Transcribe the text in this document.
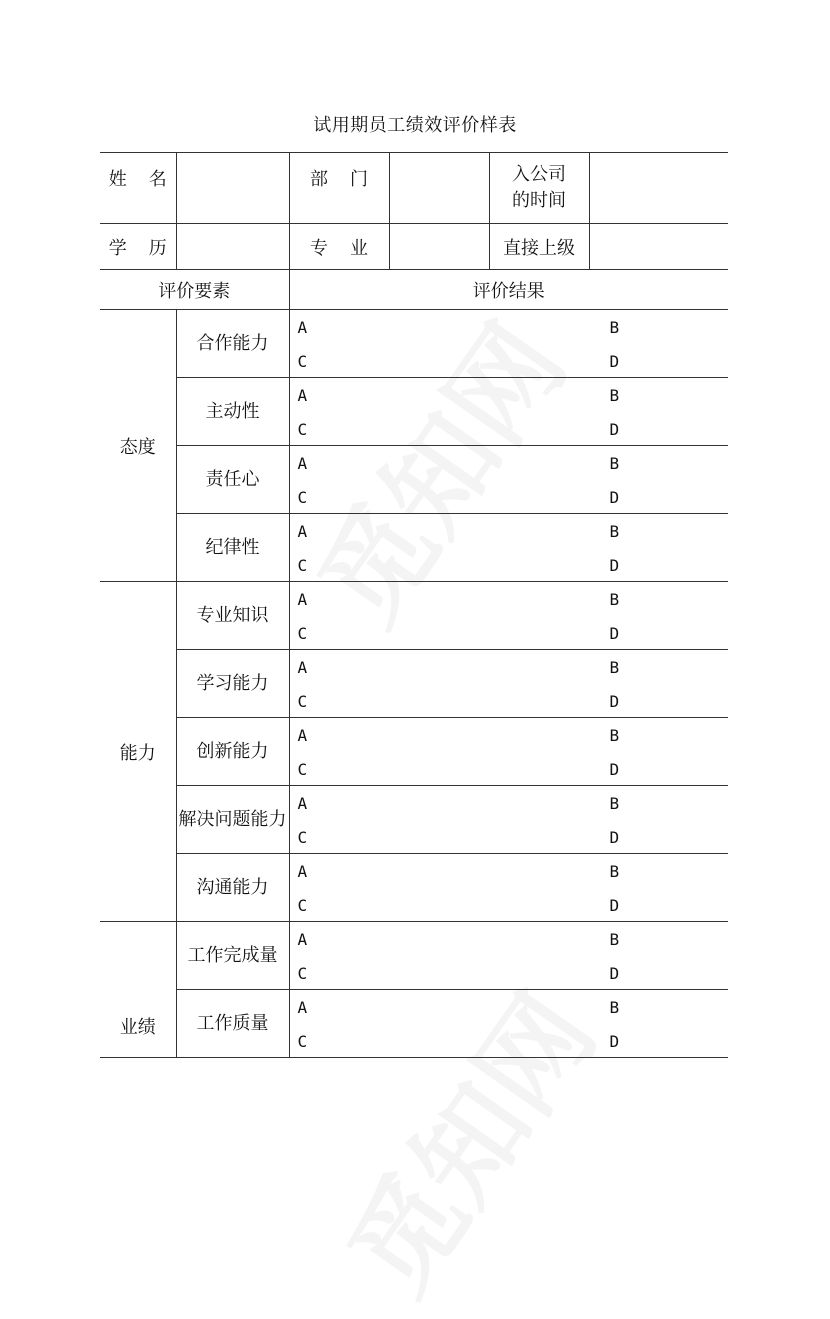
试用期员工绩效评价样表
姓 名		部 门		入公司的时间	
学 历		专 业		直接上级	
评价要素		评价结果			
态度	合作能力	A B
C D			

	主动性	A B
C D			

	责任心	A B
C D			

	纪律性	A B
C D			

能力	专业知识	A B
C D			

	学习能力	A B
C D			

	创新能力	A B
C D			

	解决问题能力	A B
C D			

	沟通能力	A B
C D			

业绩	工作完成量	A B
C D			

	工作质量	A B
C D			
